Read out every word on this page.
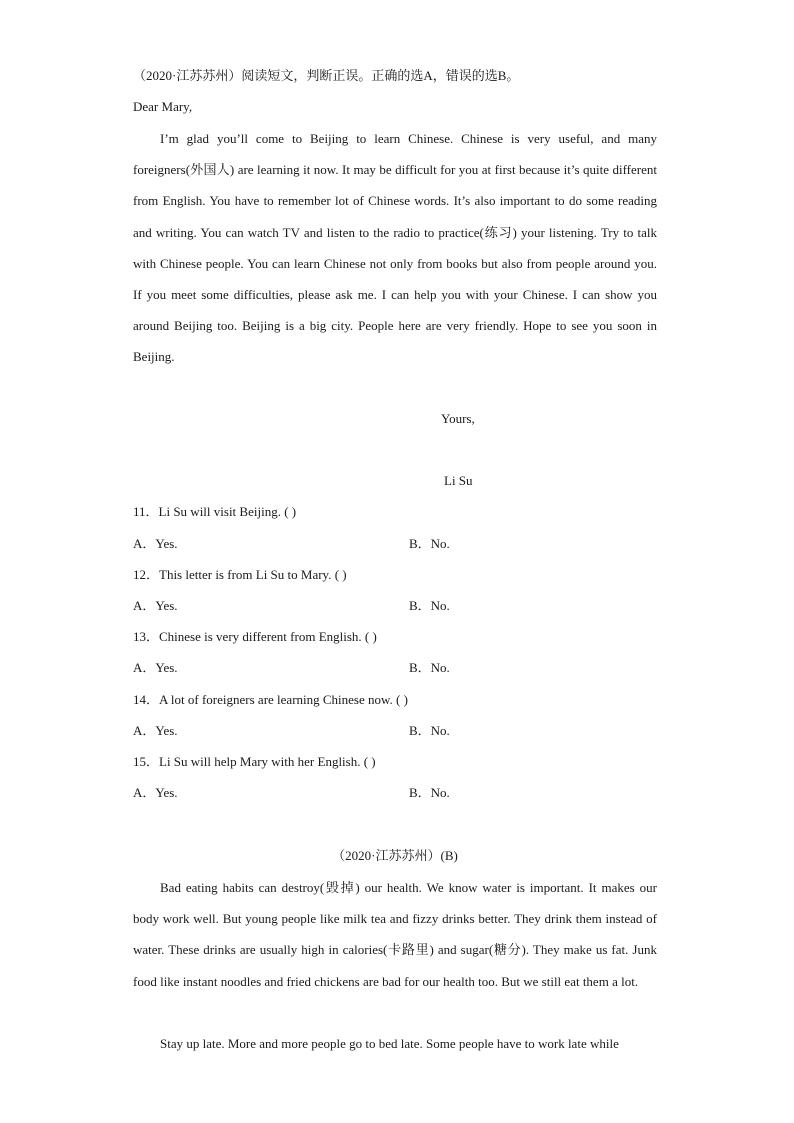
（2020·江苏苏州）阅读短文，判断正误。正确的选A，错误的选B。
Dear Mary,

I’m glad you’ll come to Beijing to learn Chinese. Chinese is very useful, and many foreigners(外国人) are learning it now. It may be difficult for you at first because it’s quite different from English. You have to remember lot of Chinese words. It’s also important to do some reading and writing. You can watch TV and listen to the radio to practice(练习) your listening. Try to talk with Chinese people. You can learn Chinese not only from books but also from people around you. If you meet some difficulties, please ask me. I can help you with your Chinese. I can show you around Beijing too. Beijing is a big city. People here are very friendly. Hope to see you soon in Beijing.

Yours,
Li Su
11．Li Su will visit Beijing. ( )
A．Yes.	B．No.
12．This letter is from Li Su to Mary. ( )
A．Yes.	B．No.
13．Chinese is very different from English. ( )
A．Yes.	B．No.
14．A lot of foreigners are learning Chinese now. ( )
A．Yes.	B．No.
15．Li Su will help Mary with her English. ( )
A．Yes.	B．No.
（2020·江苏苏州）(B)

Bad eating habits can destroy(毁掉) our health. We know water is important. It makes our body work well. But young people like milk tea and fizzy drinks better. They drink them instead of water. These drinks are usually high in calories(卡路里) and sugar(糖分). They make us fat. Junk food like instant noodles and fried chickens are bad for our health too. But we still eat them a lot.

Stay up late. More and more people go to bed late. Some people have to work late while
